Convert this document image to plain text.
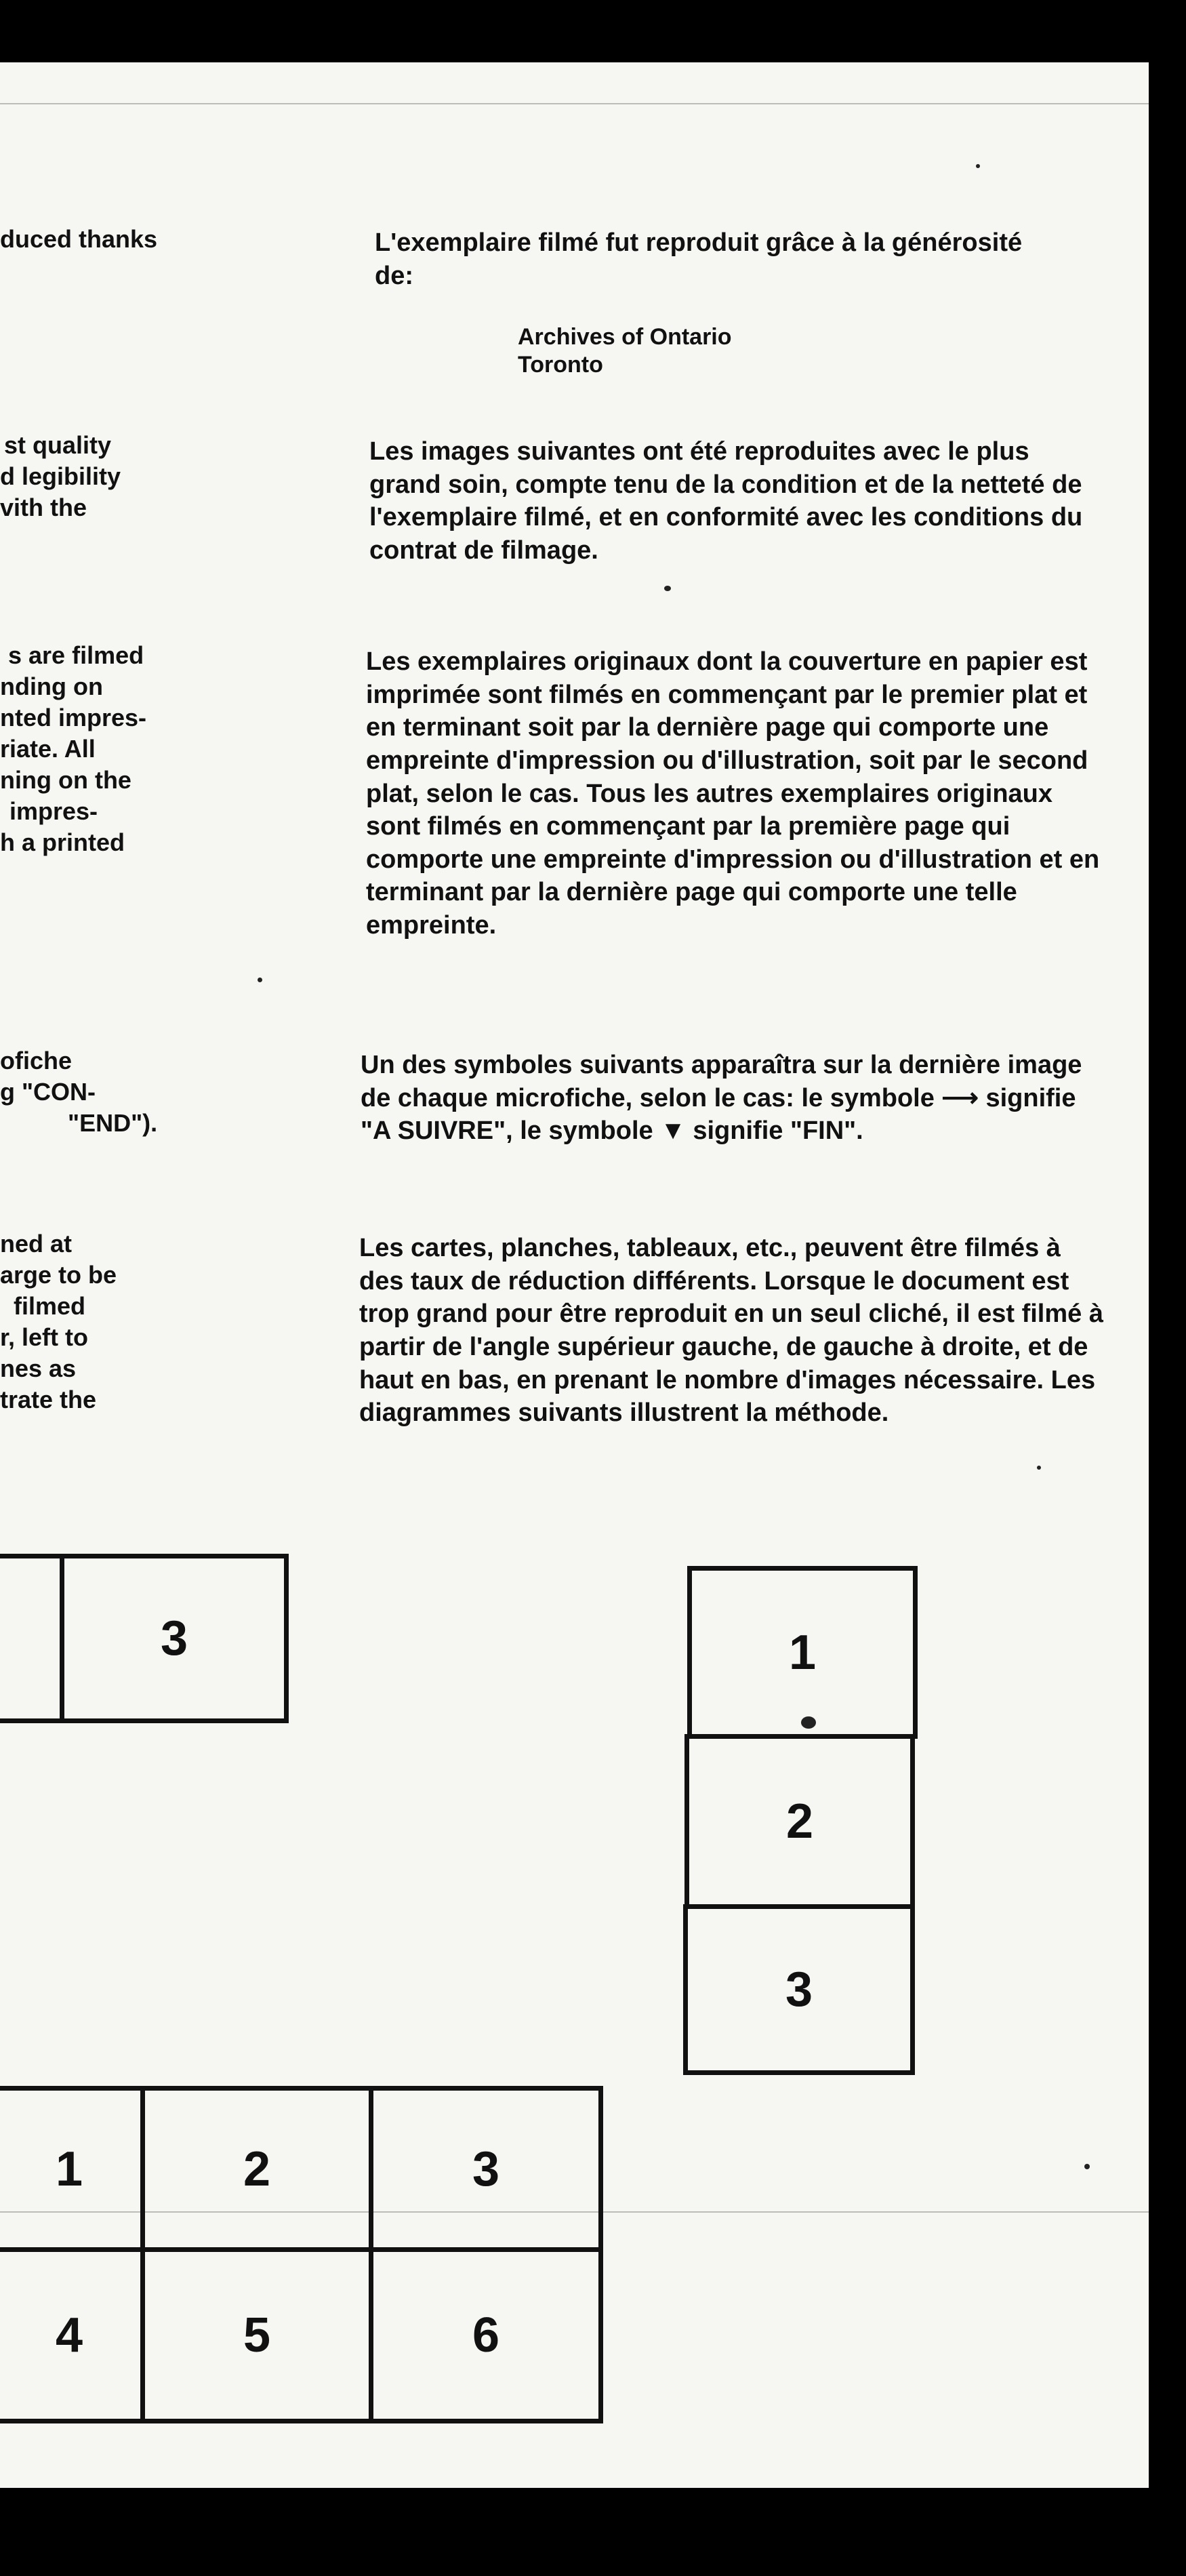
duced thanks

st quality

d legibility

vith the

s are filmed

nding on

nted impres-

riate. All

ning on the

impres-

h a printed

ofiche

g "CON-

"END").

ned at

arge to be

filmed

r, left to

nes as

trate the

L'exemplaire filmé fut reproduit grâce à la générosité de:

Archives of Ontario
Toronto

Les images suivantes ont été reproduites avec le plus grand soin, compte tenu de la condition et de la netteté de l'exemplaire filmé, et en conformité avec les conditions du contrat de filmage.

Les exemplaires originaux dont la couverture en papier est imprimée sont filmés en commençant par le premier plat et en terminant soit par la dernière page qui comporte une empreinte d'impression ou d'illustration, soit par le second plat, selon le cas. Tous les autres exemplaires originaux sont filmés en commençant par la première page qui comporte une empreinte d'impression ou d'illustration et en terminant par la dernière page qui comporte une telle empreinte.

Un des symboles suivants apparaîtra sur la dernière image de chaque microfiche, selon le cas: le symbole ⟶ signifie "A SUIVRE", le symbole ▼ signifie "FIN".

Les cartes, planches, tableaux, etc., peuvent être filmés à des taux de réduction différents. Lorsque le document est trop grand pour être reproduit en un seul cliché, il est filmé à partir de l'angle supérieur gauche, de gauche à droite, et de haut en bas, en prenant le nombre d'images nécessaire. Les diagrammes suivants illustrent la méthode.

3	1
2
3
1	2	3
4	5	6
